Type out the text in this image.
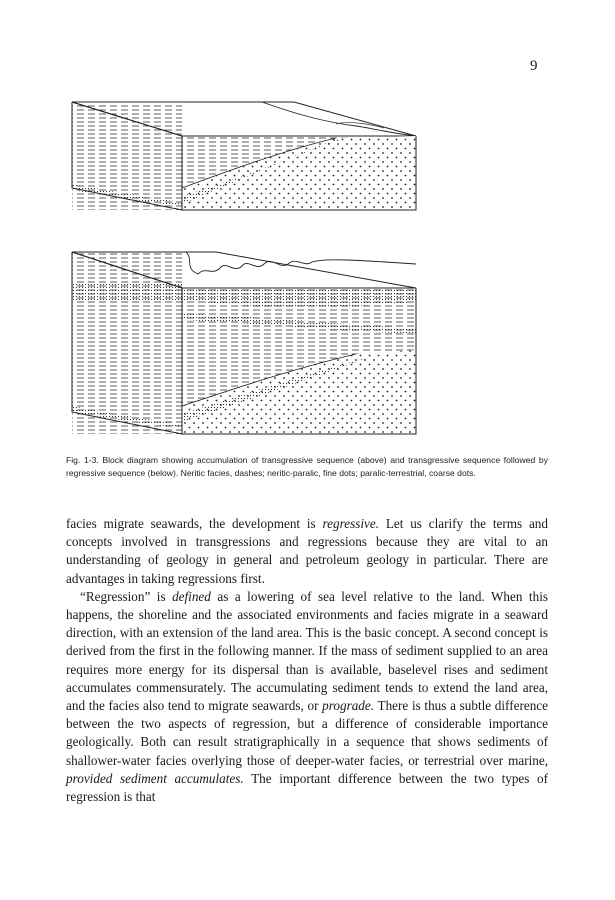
9
Fig. 1-3. Block diagram showing accumulation of transgressive sequence (above) and transgressive sequence followed by regressive sequence (below). Neritic facies, dashes; neritic-paralic, fine dots; paralic-terrestrial, coarse dots.

facies migrate seawards, the development is regressive. Let us clarify the terms and concepts involved in transgressions and regressions because they are vital to an understanding of geology in general and petroleum geology in particular. There are advantages in taking regressions first.

“Regression” is defined as a lowering of sea level relative to the land. When this happens, the shoreline and the associated environments and facies migrate in a seaward direction, with an extension of the land area. This is the basic concept. A second concept is derived from the first in the following manner. If the mass of sediment supplied to an area requires more energy for its dispersal than is available, baselevel rises and sediment accumulates commensurately. The accumulating sediment tends to extend the land area, and the facies also tend to migrate seawards, or prograde. There is thus a subtle difference between the two aspects of regression, but a difference of considerable importance geologically. Both can result stratigraphically in a sequence that shows sediments of shallower-water facies overlying those of deeper-water facies, or terrestrial over marine, provided sediment accumulates. The important difference between the two types of regression is that
